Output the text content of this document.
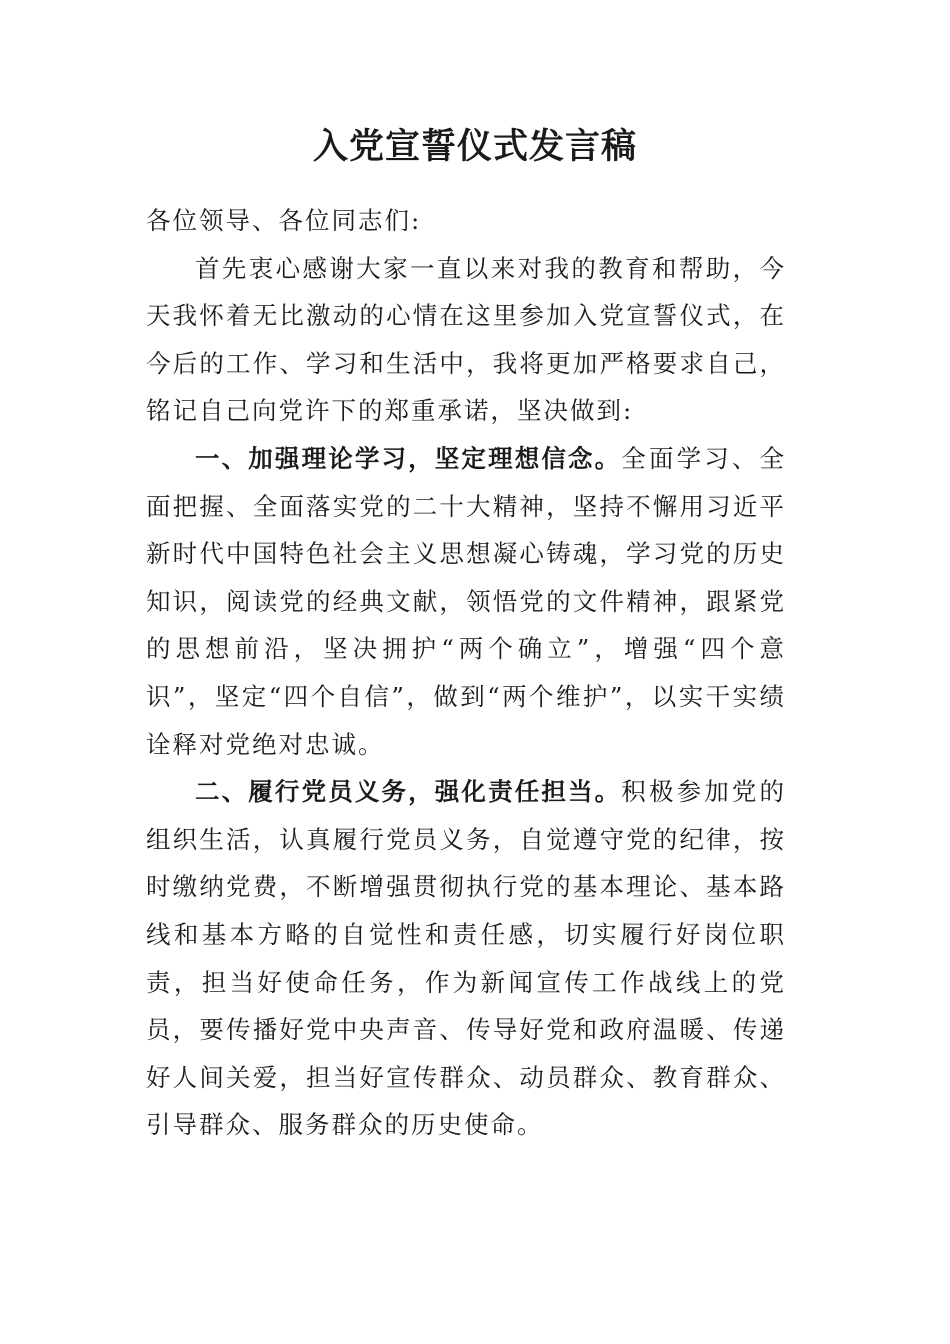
入党宣誓仪式发言稿

各位领导、各位同志们:

首先衷心感谢大家一直以来对我的教育和帮助，今天我怀着无比激动的心情在这里参加入党宣誓仪式，在今后的工作、学习和生活中，我将更加严格要求自己，铭记自己向党许下的郑重承诺，坚决做到:

一、加强理论学习，坚定理想信念。全面学习、全面把握、全面落实党的二十大精神，坚持不懈用习近平新时代中国特色社会主义思想凝心铸魂，学习党的历史知识，阅读党的经典文献，领悟党的文件精神，跟紧党的思想前沿，坚决拥护“两个确立”，增强“四个意识”，坚定“四个自信”，做到“两个维护”，以实干实绩诠释对党绝对忠诚。

二、履行党员义务，强化责任担当。积极参加党的组织生活，认真履行党员义务，自觉遵守党的纪律，按时缴纳党费，不断增强贯彻执行党的基本理论、基本路线和基本方略的自觉性和责任感，切实履行好岗位职责，担当好使命任务，作为新闻宣传工作战线上的党员，要传播好党中央声音、传导好党和政府温暖、传递好人间关爱，担当好宣传群众、动员群众、教育群众、引导群众、服务群众的历史使命。
